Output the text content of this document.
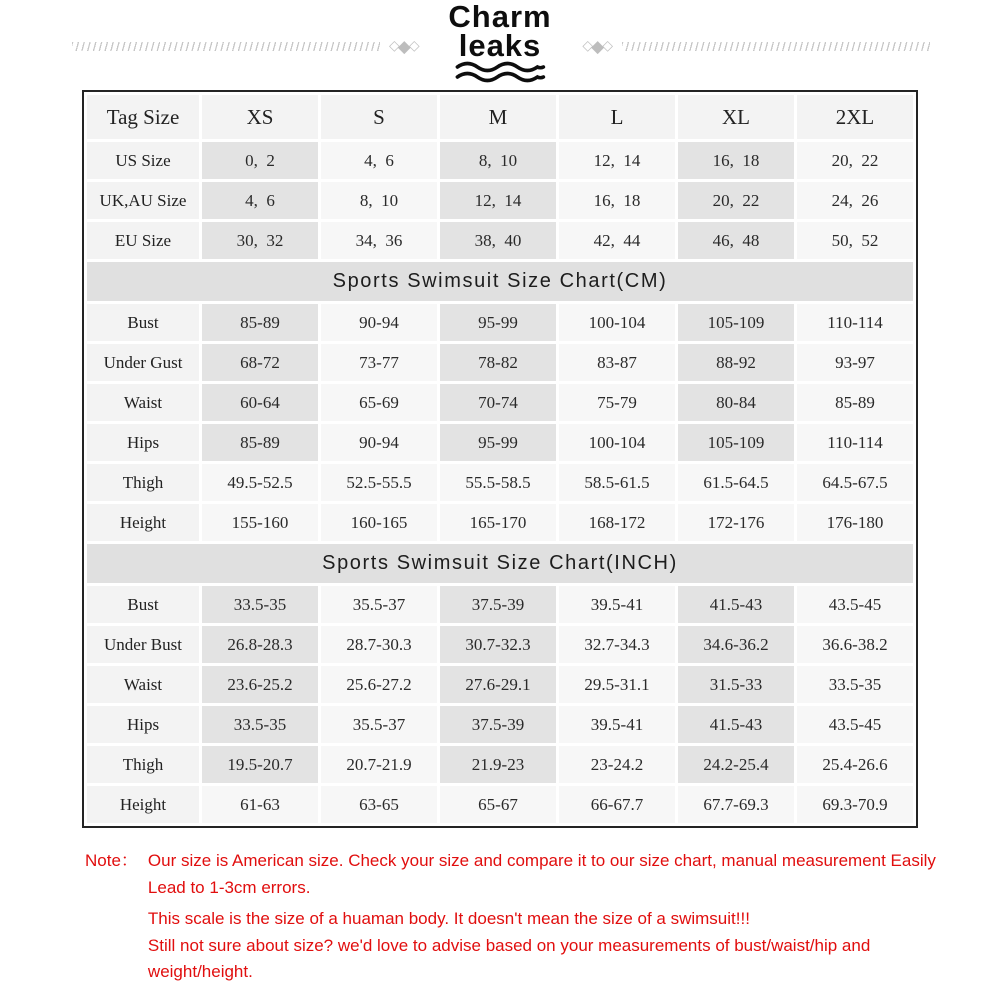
◇
◆
◇	◇
◆
◇
Charm
leaks
Tag Size	XS	S	M	L	XL	2XL
US Size	0,  2	4,  6	8,  10	12,  14	16,  18	20,  22
UK,AU Size	4,  6	8,  10	12,  14	16,  18	20,  22	24,  26
EU Size	30,  32	34,  36	38,  40	42,  44	46,  48	50,  52
Sports Swimsuit Size Chart(CM)						
Bust	85-89	90-94	95-99	100-104	105-109	110-114
Under Gust	68-72	73-77	78-82	83-87	88-92	93-97
Waist	60-64	65-69	70-74	75-79	80-84	85-89
Hips	85-89	90-94	95-99	100-104	105-109	110-114
Thigh	49.5-52.5	52.5-55.5	55.5-58.5	58.5-61.5	61.5-64.5	64.5-67.5
Height	155-160	160-165	165-170	168-172	172-176	176-180
Sports Swimsuit Size Chart(INCH)						
Bust	33.5-35	35.5-37	37.5-39	39.5-41	41.5-43	43.5-45
Under Bust	26.8-28.3	28.7-30.3	30.7-32.3	32.7-34.3	34.6-36.2	36.6-38.2
Waist	23.6-25.2	25.6-27.2	27.6-29.1	29.5-31.1	31.5-33	33.5-35
Hips	33.5-35	35.5-37	37.5-39	39.5-41	41.5-43	43.5-45
Thigh	19.5-20.7	20.7-21.9	21.9-23	23-24.2	24.2-25.4	25.4-26.6
Height	61-63	63-65	65-67	66-67.7	67.7-69.3	69.3-70.9
Note： Our size is American size. Check your size and compare it to our size chart, manual measurement Easily
Lead to 1-3cm errors.
This scale is the size of a huaman body. It doesn't mean the size of a swimsuit!!!
Still not sure about size? we'd love to advise based on your measurements of bust/waist/hip and weight/height.
